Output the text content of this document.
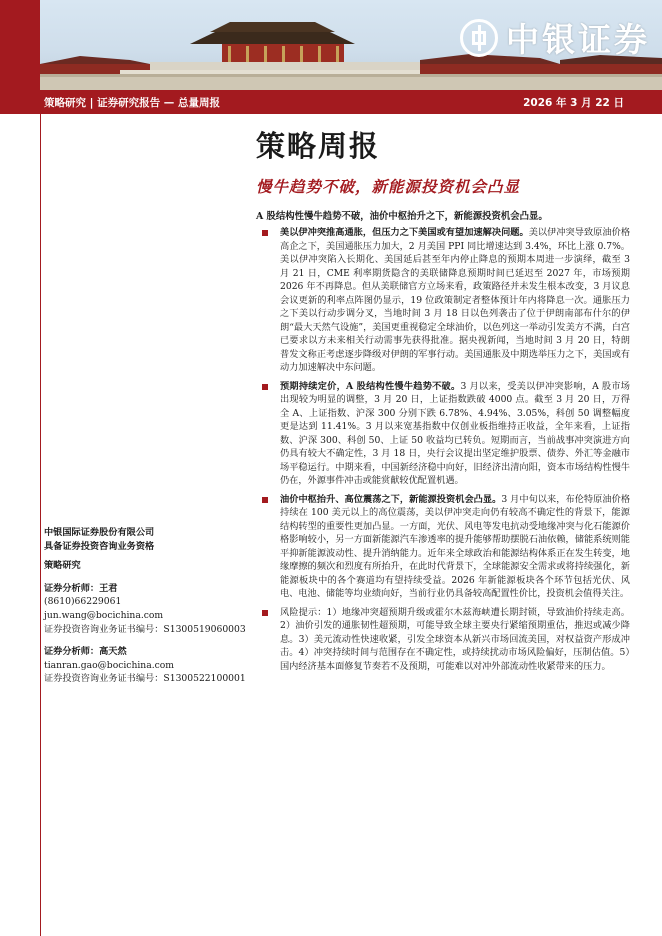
中银证券
策略研究 | 证券研究报告 — 总量周报	2026 年 3 月 22 日
策略周报
慢牛趋势不破，新能源投资机会凸显
A 股结构性慢牛趋势不破，油价中枢抬升之下，新能源投资机会凸显。
美以伊冲突推高通胀，但压力之下美国或有望加速解决问题。美以伊冲突导致原油价格高企之下，美国通胀压力加大，2 月美国 PPI 同比增速达到 3.4%，环比上涨 0.7%。美以伊冲突陷入长期化、美国延后甚至年内停止降息的预期本周进一步演绎，截至 3 月 21 日，CME 利率期货隐含的美联储降息预期时间已延迟至 2027 年，市场预期 2026 年不再降息。但从美联储官方立场来看，政策路径并未发生根本改变，3 月议息会议更新的利率点阵图仍显示，19 位政策制定者整体预计年内将降息一次。通胀压力之下美以行动步调分叉，当地时间 3 月 18 日以色列袭击了位于伊朗南部布什尔的伊朗“最大天然气设施”，美国更重视稳定全球油价，以色列这一举动引发美方不满，白宫已要求以方未来相关行动需事先获得批准。据央视新闻，当地时间 3 月 20 日，特朗普发文称正考虑逐步降级对伊朗的军事行动。美国通胀及中期选举压力之下，美国或有动力加速解决中东问题。
预期持续定价，A 股结构性慢牛趋势不破。3 月以来，受美以伊冲突影响，A 股市场出现较为明显的调整，3 月 20 日，上证指数跌破 4000 点。截至 3 月 20 日，万得全 A、上证指数、沪深 300 分别下跌 6.78%、4.94%、3.05%，科创 50 调整幅度更是达到 11.41%。3 月以来宽基指数中仅创业板指维持正收益，全年来看，上证指数、沪深 300、科创 50、上证 50 收益均已转负。短期而言，当前战事冲突演进方向仍具有较大不确定性，3 月 18 日，央行会议提出坚定维护股票、债券、外汇等金融市场平稳运行。中期来看，中国新经济稳中向好，旧经济出清向阳，资本市场结构性慢牛仍在，外源事件冲击或能赏献较优配置机遇。
油价中枢抬升、高位震荡之下，新能源投资机会凸显。3 月中旬以来，布伦特原油价格持续在 100 美元以上的高位震荡，美以伊冲突走向仍有较高不确定性的背景下，能源结构转型的重要性更加凸显。一方面，光伏、风电等发电抗动受地缘冲突与化石能源价格影响较小，另一方面新能源汽车渗透率的提升能够帮助摆脱石油依赖，储能系统则能平抑新能源波动性、提升消纳能力。近年来全球政治和能源结构体系正在发生转变，地缘摩擦的频次和烈度有所抬升，在此时代背景下，全球能源安全需求或将持续强化，新能源板块中的各个赛道均有望持续受益。2026 年新能源板块各个环节包括光伏、风电、电池、储能等均业绩向好，当前行业仍具备较高配置性价比，投资机会值得关注。
风险提示：1）地缘冲突超预期升级或霍尔木兹海峡遭长期封锁，导致油价持续走高。2）油价引发的通胀韧性超预期，可能导致全球主要央行紧缩预期重估，推迟或减少降息。3）美元流动性快速收紧，引发全球资本从新兴市场回流美国，对权益资产形成冲击。4）冲突持续时间与范围存在不确定性，或持续扰动市场风险偏好，压制估值。5）国内经济基本面修复节奏若不及预期，可能难以对冲外部流动性收紧带来的压力。
中银国际证券股份有限公司
具备证券投资咨询业务资格
策略研究
证券分析师：王君
(8610)66229061
jun.wang@bocichina.com
证券投资咨询业务证书编号：S1300519060003
证券分析师：高天然
tianran.gao@bocichina.com
证券投资咨询业务证书编号：S1300522100001
